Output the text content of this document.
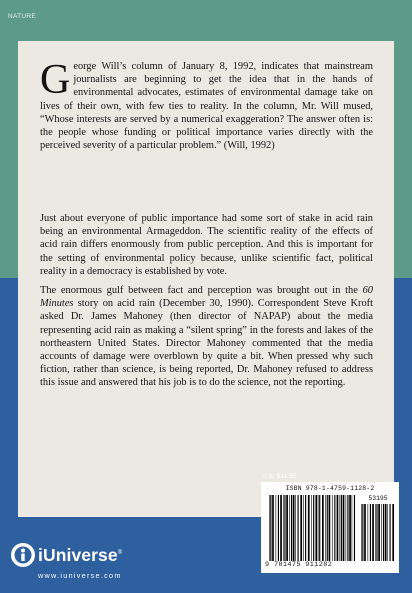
NATURE
George Will’s column of January 8, 1992, indicates that mainstream journalists are beginning to get the idea that in the hands of environmental advocates, estimates of environmental damage take on lives of their own, with few ties to reality. In the column, Mr. Will mused, “Whose interests are served by a numerical exaggeration? The answer often is: the people whose funding or political importance varies directly with the perceived severity of a particular problem.” (Will, 1992)
Just about everyone of public importance had some sort of stake in acid rain being an environmental Armageddon. The scientific reality of the effects of acid rain differs enormously from public perception. And this is important for the setting of environmental policy because, unlike scientific fact, political reality in a democracy is established by vote.
The enormous gulf between fact and perception was brought out in the 60 Minutes story on acid rain (December 30, 1990). Correspondent Steve Kroft asked Dr. James Mahoney (then director of NAPAP) about the media representing acid rain as making a “silent spring” in the forests and lakes of the northeastern United States. Director Mahoney commented that the media accounts of damage were overblown by quite a bit. When pressed why such fiction, rather than science, is being reported, Dr. Mahoney refused to address this issue and answered that his job is to do the science, not the reporting.
U.S. $31.95
ISBN 978-1-4759-1128-2
53195
9 781475 911282
iUniverse®
www.iuniverse.com
